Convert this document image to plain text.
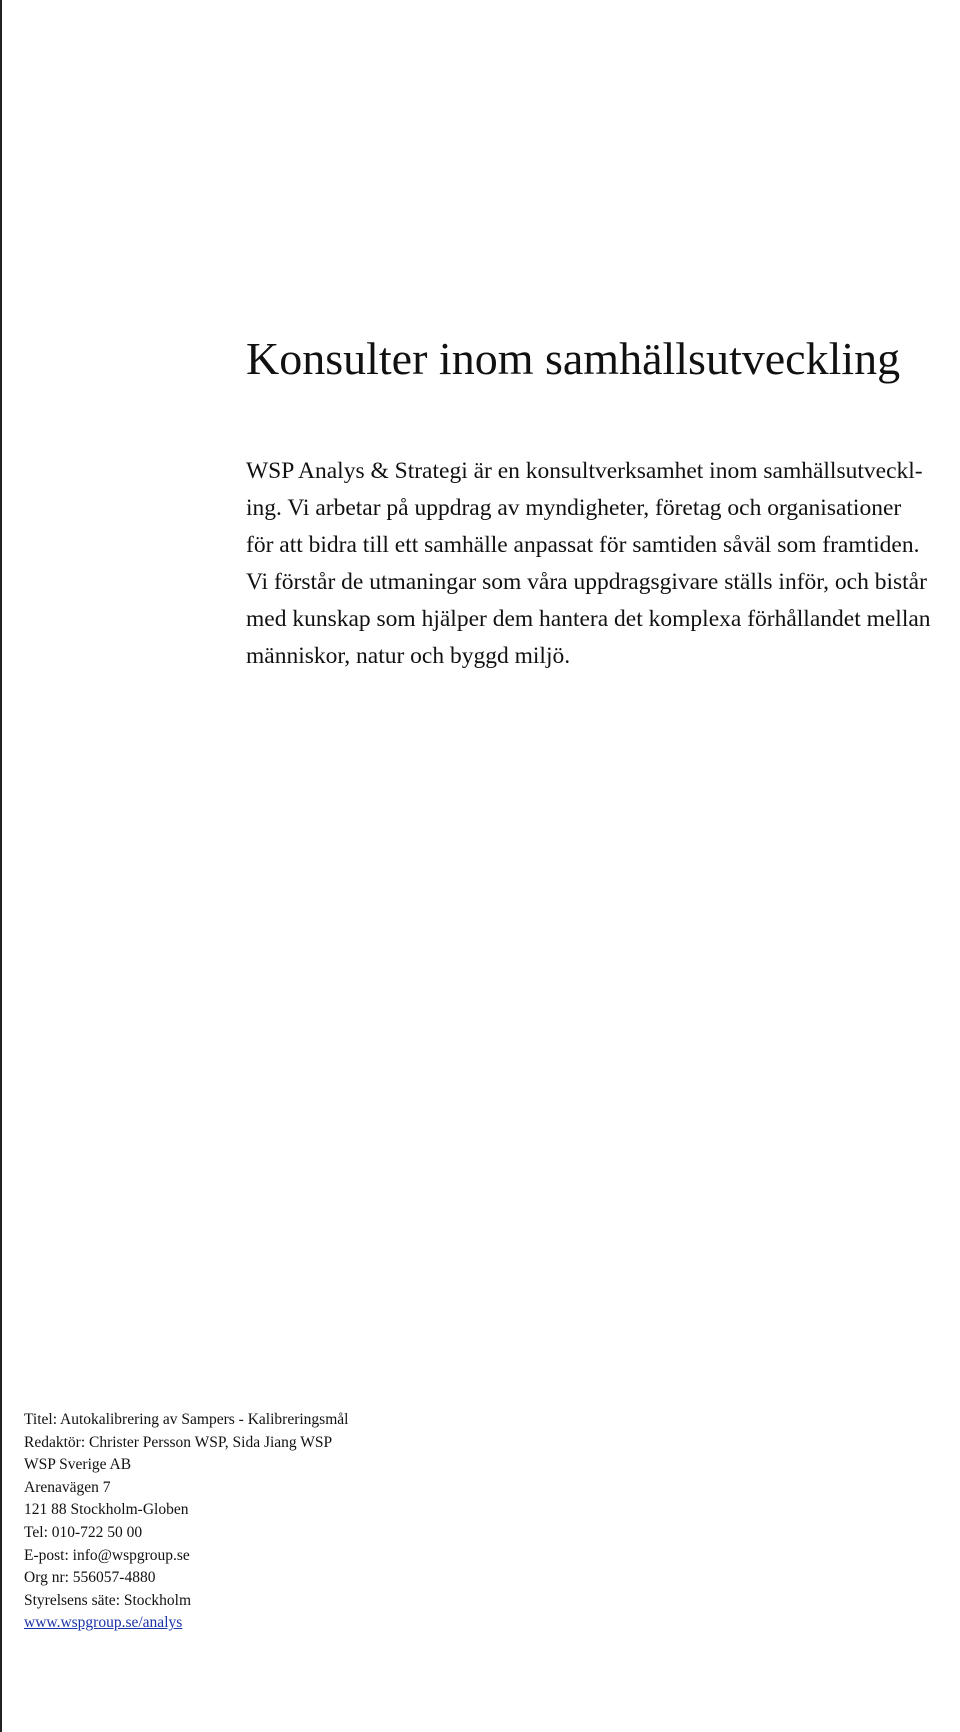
Konsulter inom samhällsutveckling

WSP Analys & Strategi är en konsultverksamhet inom samhällsutveckl-
ing. Vi arbetar på uppdrag av myndigheter, företag och organisationer
för att bidra till ett samhälle anpassat för samtiden såväl som framtiden.
Vi förstår de utmaningar som våra uppdragsgivare ställs inför, och bistår
med kunskap som hjälper dem hantera det komplexa förhållandet mellan
människor, natur och byggd miljö.

Titel: Autokalibrering av Sampers - Kalibreringsmål
Redaktör: Christer Persson WSP, Sida Jiang WSP
WSP Sverige AB
Arenavägen 7
121 88 Stockholm-Globen
Tel: 010-722 50 00
E-post: info@wspgroup.se
Org nr: 556057-4880
Styrelsens säte: Stockholm
www.wspgroup.se/analys
